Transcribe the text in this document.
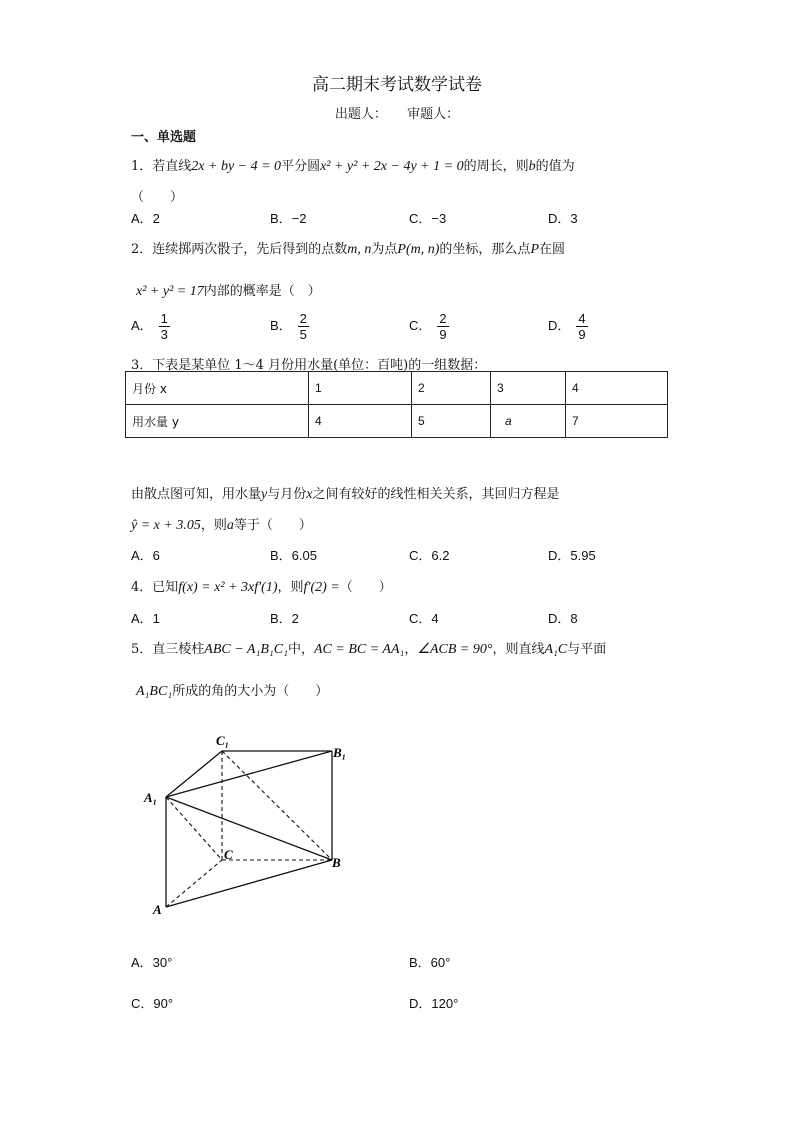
高二期末考试数学试卷
出题人： 审题人：
一、单选题
1．若直线2x + by − 4 = 0平分圆x² + y² + 2x − 4y + 1 = 0的周长，则b的值为
（　　）
A．2	B．−2	C．−3	D．3
2．连续掷两次骰子，先后得到的点数m, n为点P(m, n)的坐标，那么点P在圆
x² + y² = 17内部的概率是（　）
A． $\frac{1}{3}$	B． $\frac{2}{5}$	C． $\frac{2}{9}$	D． $\frac{4}{9}$
3．下表是某单位 1～4 月份用水量(单位：百吨)的一组数据：
月份 x	1	2	3	4
用水量 y	4	5	a	7
由散点图可知，用水量y与月份x之间有较好的线性相关关系，其回归方程是
ŷ = x + 3.05，则a等于（　　）
A．6	B．6.05	C．6.2	D．5.95
4．已知f(x) = x² + 3xf′(1)，则f′(2) =（　　）
A．1	B．2	C．4	D．8
5．直三棱柱ABC − A₁B₁C₁中，AC = BC = AA₁，∠ACB = 90°，则直线A₁C与平面
A₁BC₁所成的角的大小为（　　）
C₁
B₁
A₁
C
B
A
A．30°	B．60°
C．90°	D．120°
